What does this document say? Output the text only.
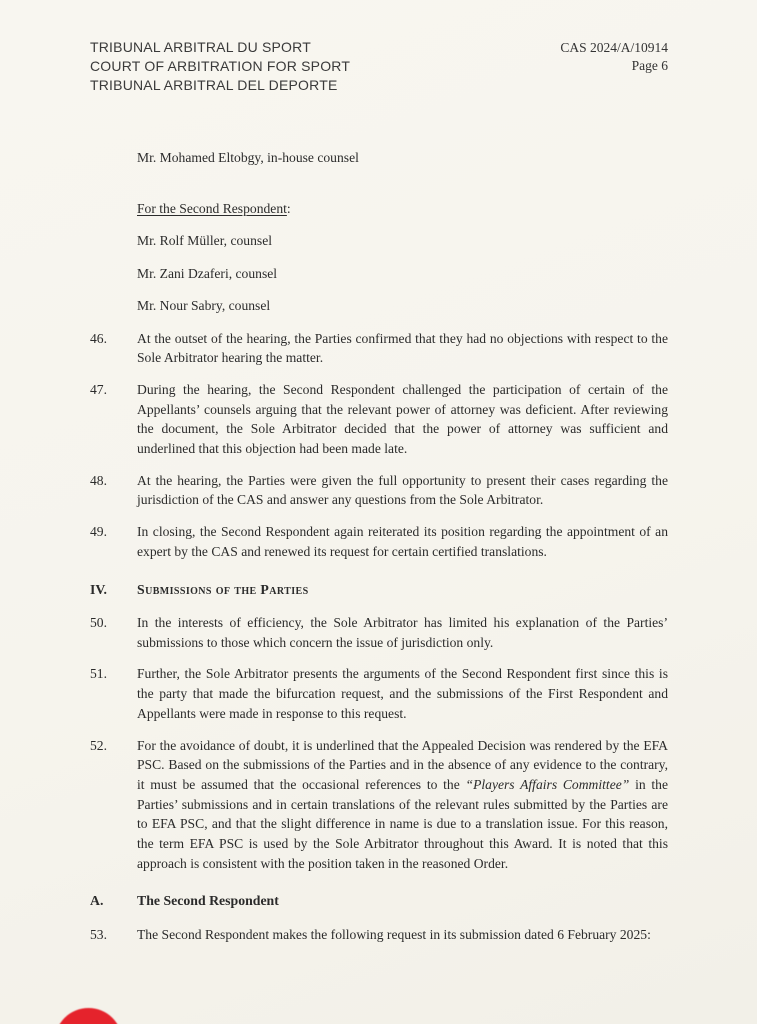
TRIBUNAL ARBITRAL DU SPORT
COURT OF ARBITRATION FOR SPORT
TRIBUNAL ARBITRAL DEL DEPORTE
CAS 2024/A/10914
Page 6

Mr. Mohamed Eltobgy, in-house counsel

For the Second Respondent:

Mr. Rolf Müller, counsel

Mr. Zani Dzaferi, counsel

Mr. Nour Sabry, counsel

46.	At the outset of the hearing, the Parties confirmed that they had no objections with respect to the Sole Arbitrator hearing the matter.
47.	During the hearing, the Second Respondent challenged the participation of certain of the Appellants’ counsels arguing that the relevant power of attorney was deficient. After reviewing the document, the Sole Arbitrator decided that the power of attorney was sufficient and underlined that this objection had been made late.
48.	At the hearing, the Parties were given the full opportunity to present their cases regarding the jurisdiction of the CAS and answer any questions from the Sole Arbitrator.
49.	In closing, the Second Respondent again reiterated its position regarding the appointment of an expert by the CAS and renewed its request for certain certified translations.
IV.	Submissions of the Parties
50.	In the interests of efficiency, the Sole Arbitrator has limited his explanation of the Parties’ submissions to those which concern the issue of jurisdiction only.
51.	Further, the Sole Arbitrator presents the arguments of the Second Respondent first since this is the party that made the bifurcation request, and the submissions of the First Respondent and Appellants were made in response to this request.
52.	For the avoidance of doubt, it is underlined that the Appealed Decision was rendered by the EFA PSC. Based on the submissions of the Parties and in the absence of any evidence to the contrary, it must be assumed that the occasional references to the “Players Affairs Committee” in the Parties’ submissions and in certain translations of the relevant rules submitted by the Parties are to EFA PSC, and that the slight difference in name is due to a translation issue. For this reason, the term EFA PSC is used by the Sole Arbitrator throughout this Award. It is noted that this approach is consistent with the position taken in the reasoned Order.
A.	The Second Respondent
53.	The Second Respondent makes the following request in its submission dated 6 February 2025:
